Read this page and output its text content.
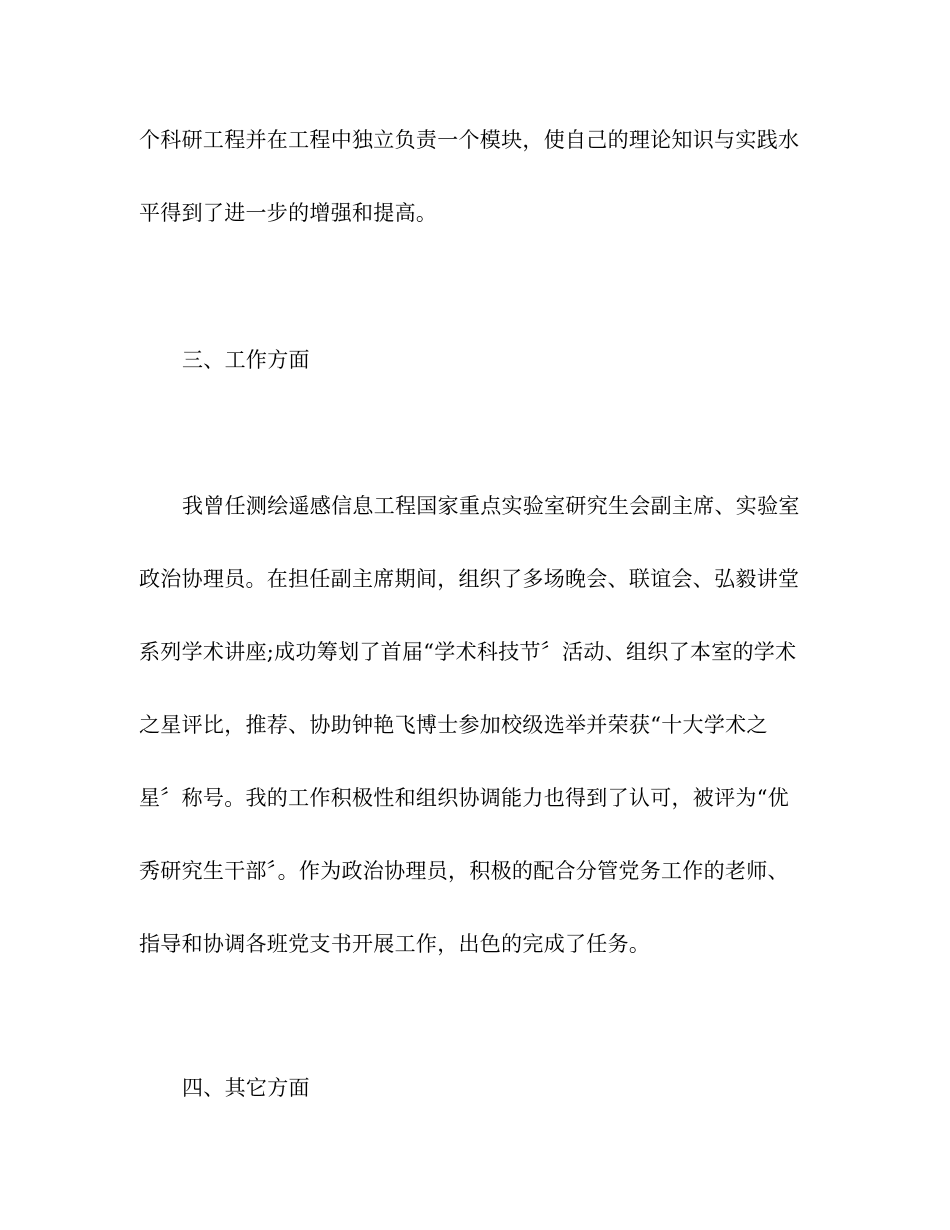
个科研工程并在工程中独立负责一个模块，使自己的理论知识与实践水
平得到了进一步的增强和提高。
三、工作方面
我曾任测绘遥感信息工程国家重点实验室研究生会副主席、实验室
政治协理员。在担任副主席期间，组织了多场晚会、联谊会、弘毅讲堂
系列学术讲座;成功筹划了首届“学术科技节〞活动、组织了本室的学术
之星评比，推荐、协助钟艳飞博士参加校级选举并荣获“十大学术之
星〞称号。我的工作积极性和组织协调能力也得到了认可，被评为“优
秀研究生干部〞。作为政治协理员，积极的配合分管党务工作的老师、
指导和协调各班党支书开展工作，出色的完成了任务。
四、其它方面
